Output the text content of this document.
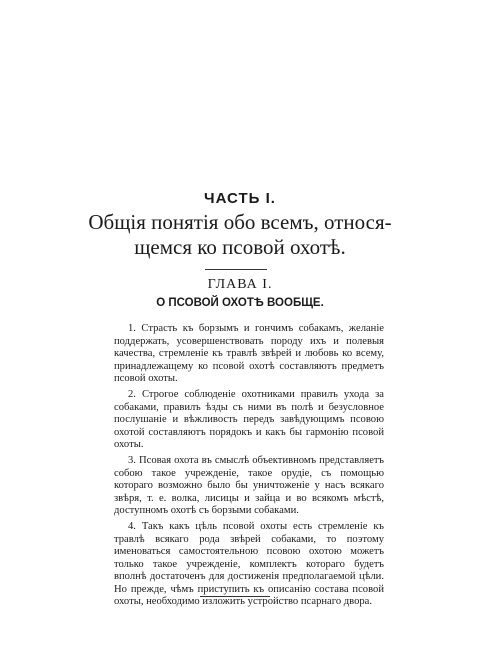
ЧАСТЬ I.
Общія понятія обо всемъ, относя-щемся ко псовой охотѣ.
ГЛАВА I.
О ПСОВОЙ ОХОТѢ ВООБЩЕ.

1. Страсть къ борзымъ и гончимъ собакамъ, желаніе поддержать, усовершенствовать породу ихъ и полевыя качества, стремленіе къ травлѣ звѣрей и любовь ко всему, принадлежащему ко псовой охотѣ составляютъ предметъ псовой охоты.

2. Строгое соблюденіе охотниками правилъ ухода за собаками, правилъ ѣзды съ ними въ полѣ и безусловное послушаніе и вѣжливость передъ завѣдующимъ псовою охотой составляютъ порядокъ и какъ бы гармонію псовой охоты.

3. Псовая охота въ смыслѣ объективномъ представляетъ собою такое учрежденіе, такое орудіе, съ помощью котораго возможно было бы уничтоженіе у насъ всякаго звѣря, т. е. волка, лисицы и зайца и во всякомъ мѣстѣ, доступномъ охотѣ съ борзыми собаками.

4. Такъ какъ цѣль псовой охоты есть стремленіе къ травлѣ всякаго рода звѣрей собаками, то поэтому именоваться самостоятельною псовою охотою можетъ только такое учрежденіе, комплектъ котораго будетъ вполнѣ достаточенъ для достиженія предполагаемой цѣли. Но прежде, чѣмъ приступить къ описанію состава псовой охоты, необходимо изложить устройство псарнаго двора.
